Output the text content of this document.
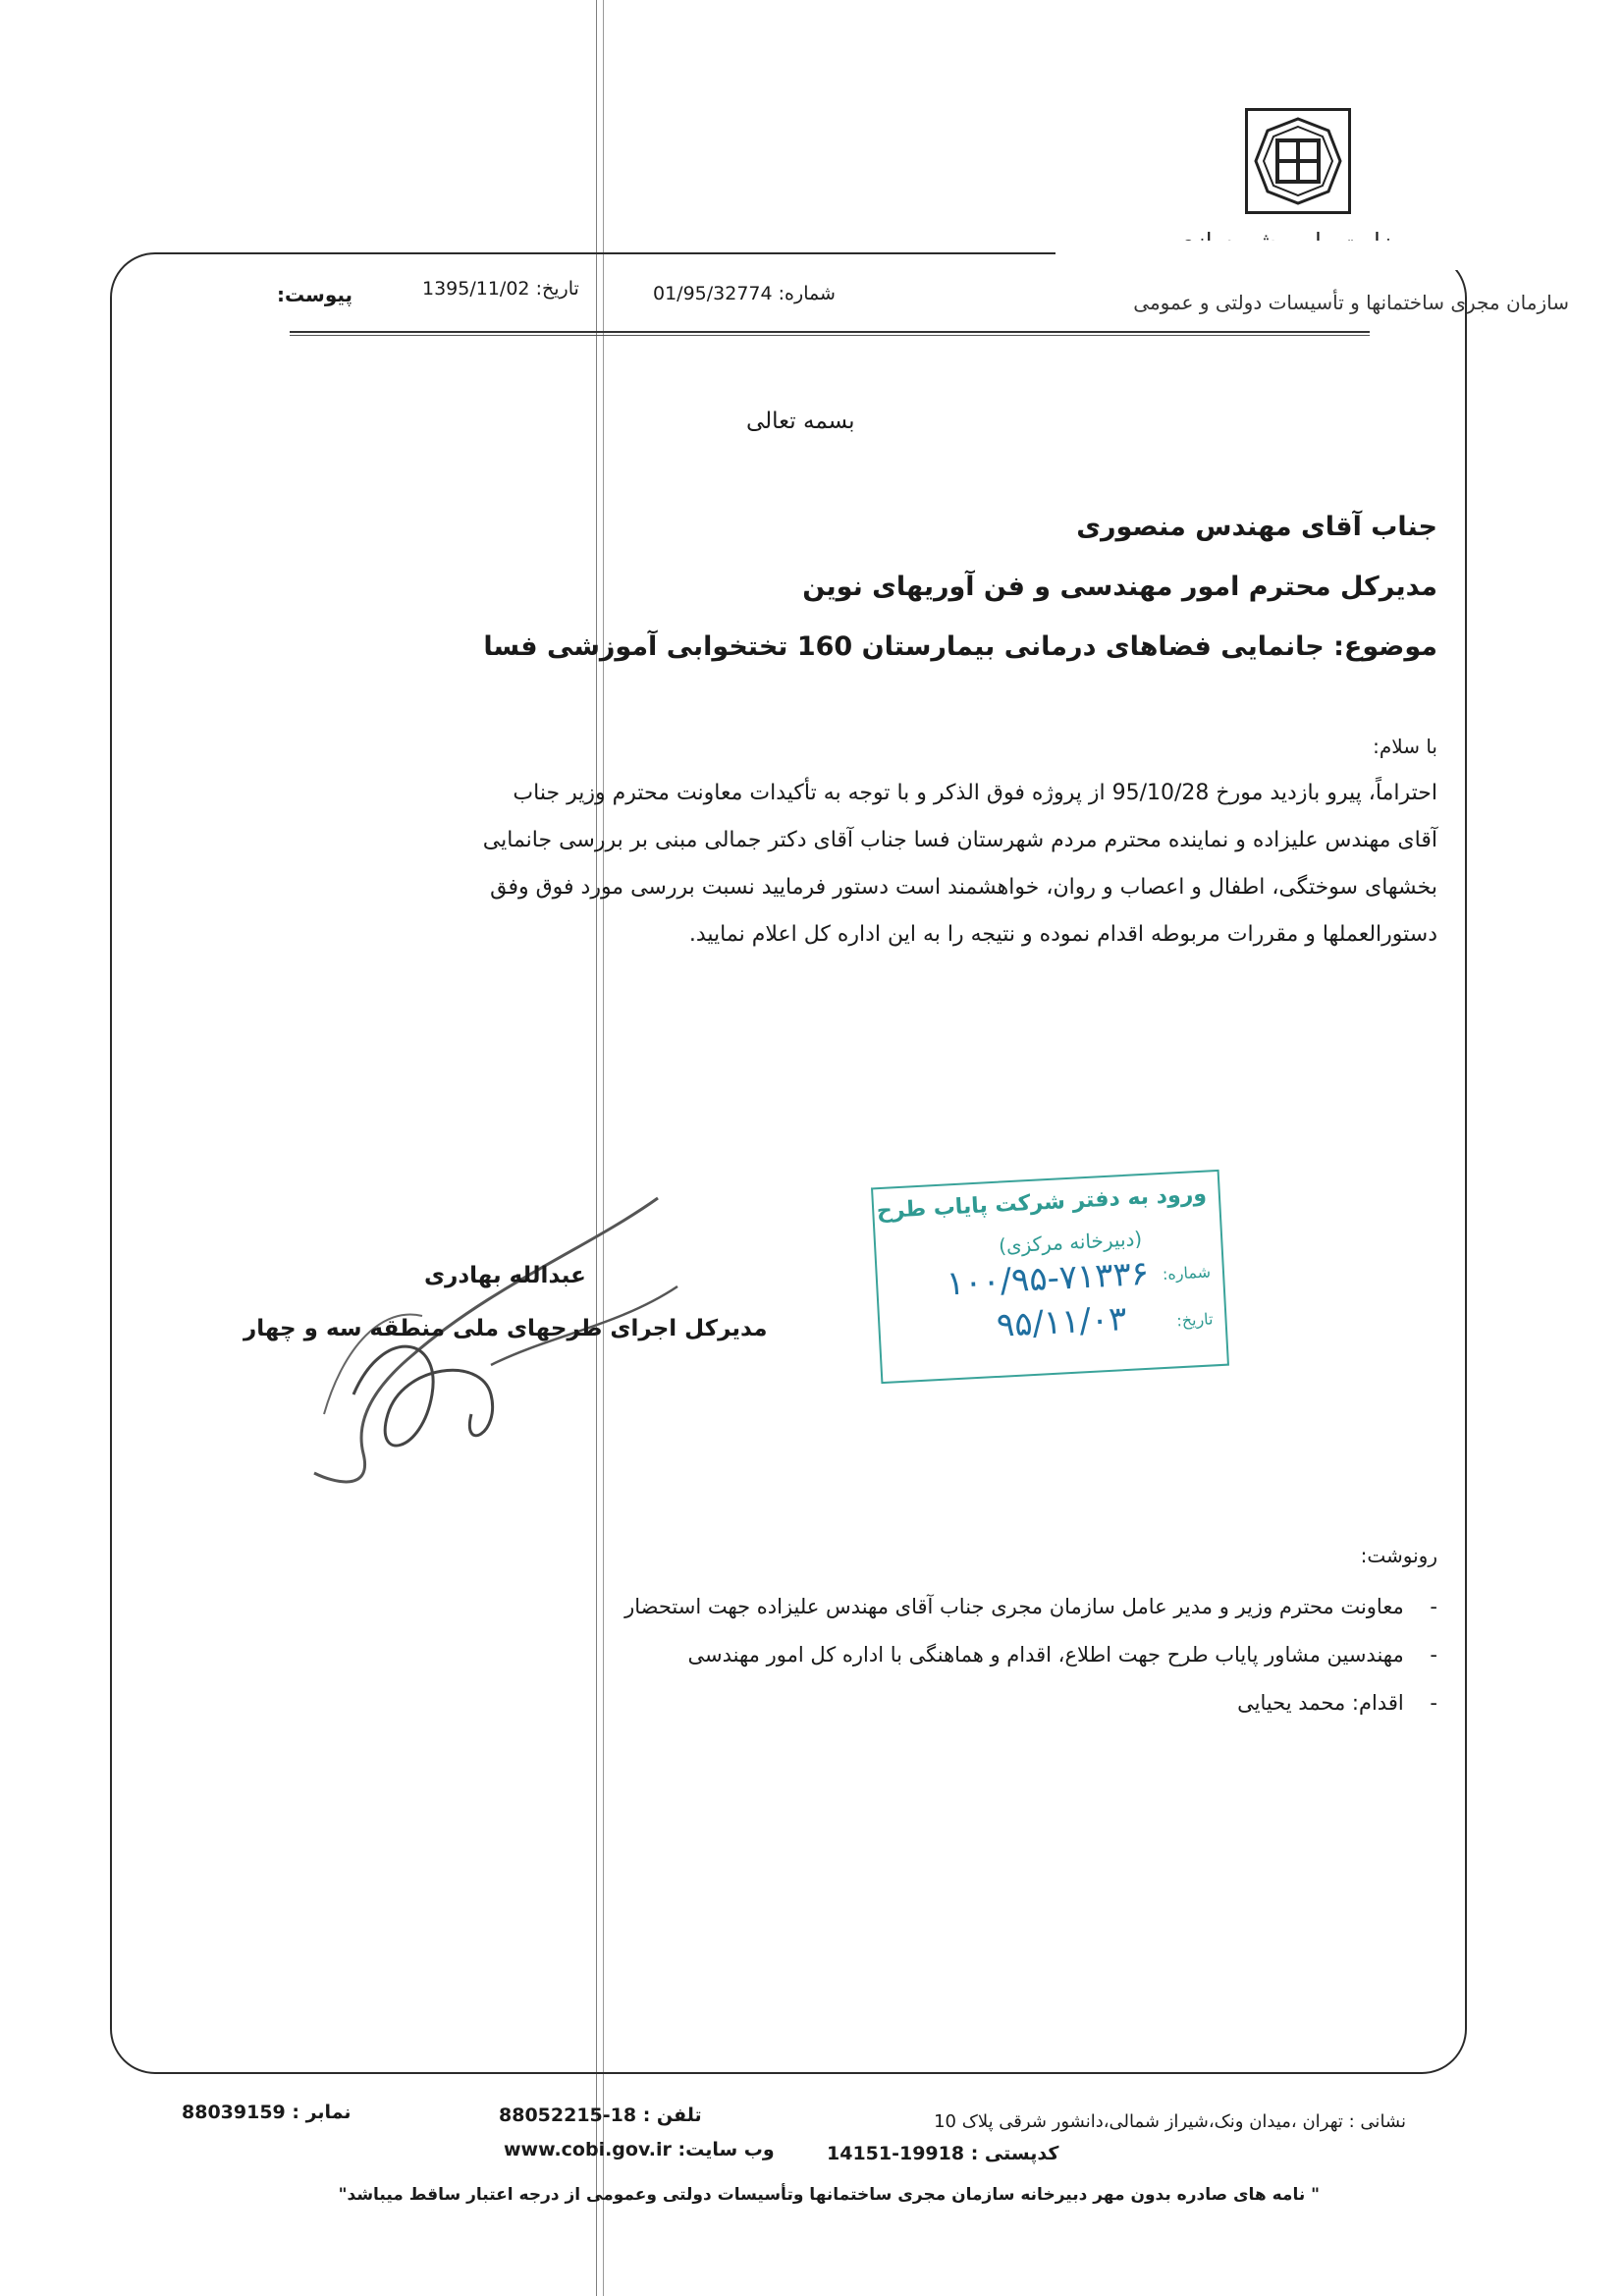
سازمان مجری ساختمانها و تأسیسات دولتی و عمومی
شماره: 01/95/32774
تاریخ: 1395/11/02
پیوست:
بسمه تعالی
جناب آقای مهندس منصوری
مدیرکل محترم امور مهندسی و فن آوریهای نوین
موضوع: جانمایی فضاهای درمانی بیمارستان 160 تختخوابی آموزشی فسا
با سلام:
احتراماً، پیرو بازدید مورخ 95/10/28 از پروژه فوق الذکر و با توجه به تأکیدات معاونت محترم وزیر جناب
آقای مهندس علیزاده و نماینده محترم مردم شهرستان فسا جناب آقای دکتر جمالی مبنی بر بررسی جانمایی
بخشهای سوختگی، اطفال و اعصاب و روان، خواهشمند است دستور فرمایید نسبت بررسی مورد فوق وفق
دستورالعملها و مقررات مربوطه اقدام نموده و نتیجه را به این اداره کل اعلام نمایید.
عبدالله بهادری
مدیرکل اجرای طرحهای ملی منطقه سه و چهار
ورود به دفتر شرکت پایاب طرح
(دبیرخانه مرکزی)
شماره:
۱۰۰/۹۵-۷۱۳۳۶
تاریخ:
۹۵/۱۱/۰۳
رونوشت:
-    معاونت محترم وزیر و مدیر عامل سازمان مجری جناب آقای مهندس علیزاده جهت استحضار
-    مهندسین مشاور پایاب طرح جهت اطلاع، اقدام و هماهنگی با اداره کل امور مهندسی
-    اقدام: محمد یحیایی
نمابر : 88039159	تلفن : 88052215-18	نشانی : تهران ،میدان ونک،شیراز شمالی،دانشور شرقی پلاک 10
وب سایت: www.cobi.gov.ir	کدپستی : 14151-19918
" نامه های صادره بدون مهر دبیرخانه سازمان مجری ساختمانها وتأسیسات دولتی وعمومی از درجه اعتبار ساقط میباشد"
